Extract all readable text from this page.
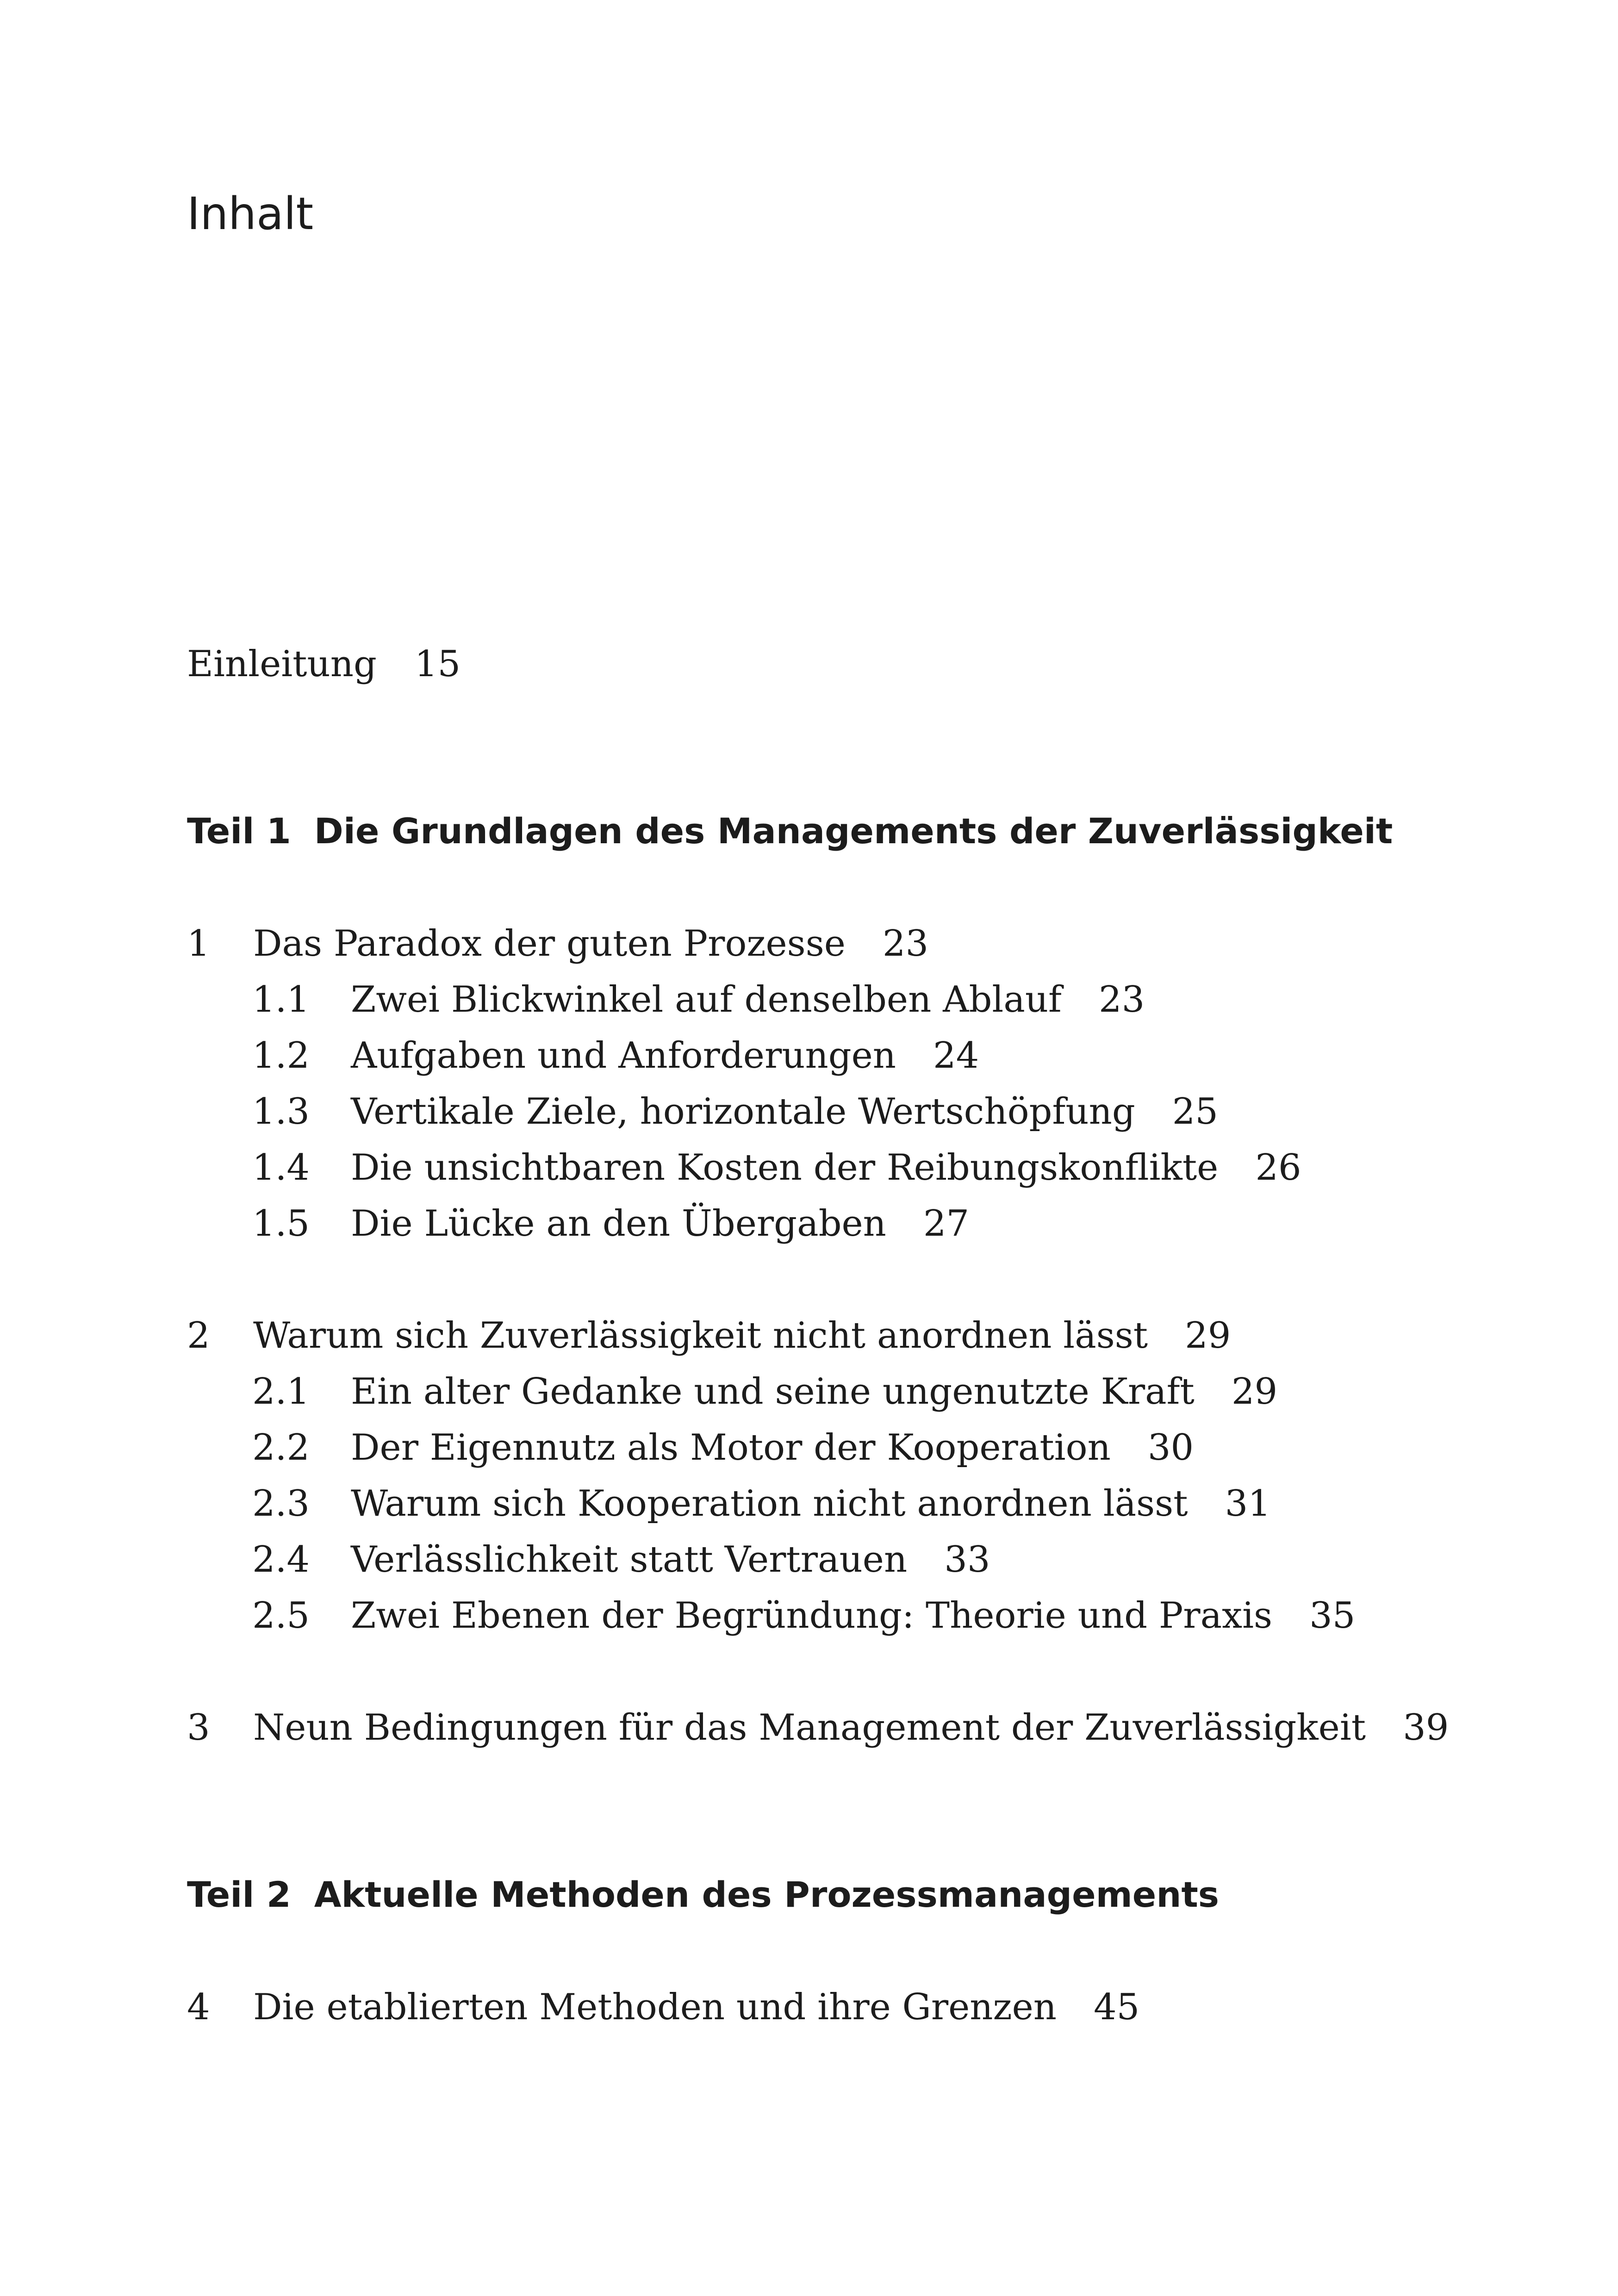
Inhalt
Einleitung 15
Teil 1 Die Grundlagen des Managements der Zuverlässigkeit
1 Das Paradox der guten Prozesse 23
1.1 Zwei Blickwinkel auf denselben Ablauf 23
1.2 Aufgaben und Anforderungen 24
1.3 Vertikale Ziele, horizontale Wertschöpfung 25
1.4 Die unsichtbaren Kosten der Reibungskonflikte 26
1.5 Die Lücke an den Übergaben 27
2 Warum sich Zuverlässigkeit nicht anordnen lässt 29
2.1 Ein alter Gedanke und seine ungenutzte Kraft 29
2.2 Der Eigennutz als Motor der Kooperation 30
2.3 Warum sich Kooperation nicht anordnen lässt 31
2.4 Verlässlichkeit statt Vertrauen 33
2.5 Zwei Ebenen der Begründung: Theorie und Praxis 35
3 Neun Bedingungen für das Management der Zuverlässigkeit 39
Teil 2 Aktuelle Methoden des Prozessmanagements
4 Die etablierten Methoden und ihre Grenzen 45
